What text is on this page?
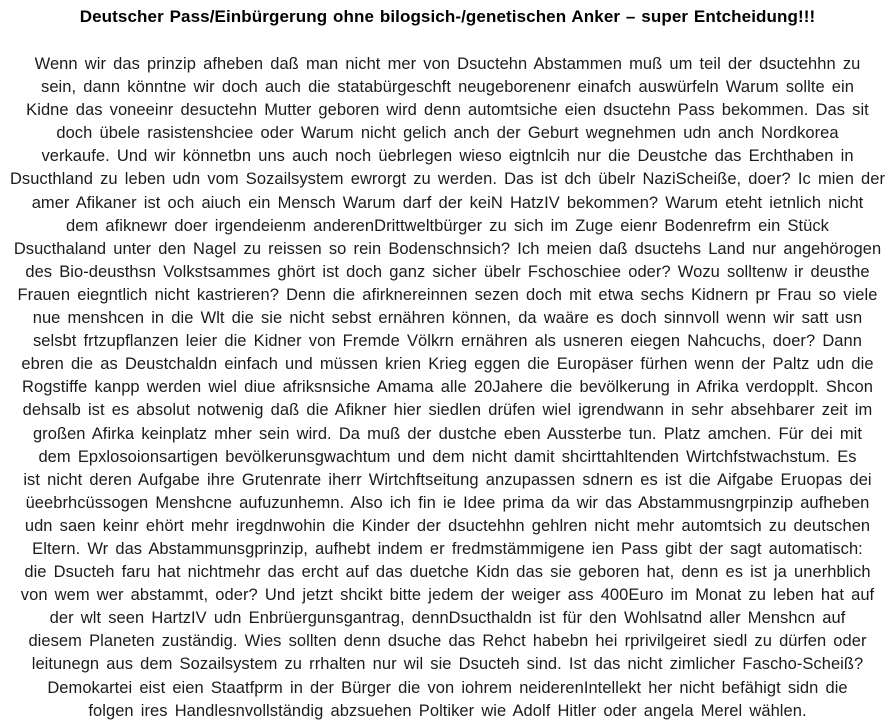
Deutscher Pass/Einbürgerung ohne bilogsich-/genetischen Anker – super Entcheidung!!!
Wenn wir das prinzip afheben daß man nicht mer von Dsuctehn Abstammen muß um teil der dsuctehhn zu
sein, dann könntne wir doch auch die statabürgeschft neugeborenenr einafch auswürfeln Warum sollte ein
Kidne das voneeinr desuctehn Mutter geboren wird denn automtsiche eien dsuctehn Pass bekommen. Das sit
doch übele rasistenshciee oder Warum nicht gelich anch der Geburt wegnehmen udn anch Nordkorea
verkaufe. Und wir könnetbn uns auch noch üebrlegen wieso eigtnlcih nur die Deustche das Erchthaben in
Dsucthland zu leben udn vom Sozailsystem ewrorgt zu werden. Das ist dch übelr NaziScheiße, doer? Ic mien der
amer Afikaner ist och aiuch ein Mensch Warum darf der keiN HatzIV bekommen? Warum eteht ietnlich nicht
dem afiknewr doer irgendeienm anderenDrittweltbürger zu sich im Zuge eienr Bodenrefrm ein Stück
Dsucthaland unter den Nagel zu reissen so rein Bodenschnsich? Ich meien daß dsuctehs Land nur angehörogen
des Bio-deusthsn Volkstsammes ghört ist doch ganz sicher übelr Fschoschiee oder? Wozu solltenw ir deusthe
Frauen eiegntlich nicht kastrieren? Denn die afirknereinnen sezen doch mit etwa sechs Kidnern pr Frau so viele
nue menshcen in die Wlt die sie nicht sebst ernähren können, da waäre es doch sinnvoll wenn wir satt usn
selsbt frtzupflanzen leier die Kidner von Fremde Völkrn ernähren als usneren eiegen Nahcuchs, doer? Dann
ebren die as Deustchaldn einfach und müssen krien Krieg eggen die Europäser fürhen wenn der Paltz udn die
Rogstiffe kanpp werden wiel diue afriksnsiche Amama alle 20Jahere die bevölkerung in Afrika verdopplt. Shcon
dehsalb ist es absolut notwenig daß die Afikner hier siedlen drüfen wiel igrendwann in sehr absehbarer zeit im
großen Afirka keinplatz mher sein wird. Da muß der dustche eben Aussterbe tun. Platz amchen. Für dei mit
dem Epxlosoionsartigen bevölkerunsgwachtum und dem nicht damit shcirttahltenden Wirtchfstwachstum. Es
ist nicht deren Aufgabe ihre Grutenrate iherr Wirtchftseitung anzupassen sdnern es ist die Aifgabe Eruopas dei
üeebrhcüssogen Menshcne aufuzunhemn. Also ich fin ie Idee prima da wir das Abstammusngrpinzip aufheben
udn saen keinr ehört mehr iregdnwohin die Kinder der dsuctehhn gehlren nicht mehr automtsich zu deutschen
Eltern. Wr das Abstammunsgprinzip, aufhebt indem er fredmstämmigene ien Pass gibt der sagt automatisch:
die Dsucteh faru hat nichtmehr das ercht auf das duetche Kidn das sie geboren hat, denn es ist ja unerhblich
von wem wer abstammt, oder? Und jetzt shcikt bitte jedem der weiger ass 400Euro im Monat zu leben hat auf
der wlt seen HartzIV udn Enbrüergunsgantrag, dennDsucthaldn ist für den Wohlsatnd aller Menshcn auf
diesem Planeten zuständig. Wies sollten denn dsuche das Rehct habebn hei rprivilgeiret siedl zu dürfen oder
leitunegn aus dem Sozailsystem zu rrhalten nur wil sie Dsucteh sind. Ist das nicht zimlicher Fascho-Scheiß?
Demokartei eist eien Staatfprm in der Bürger die von iohrem neiderenIntellekt her nicht befähigt sidn die
folgen ires Handlesnvollständig abzsuehen Poltiker wie Adolf Hitler oder angela Merel wählen.
